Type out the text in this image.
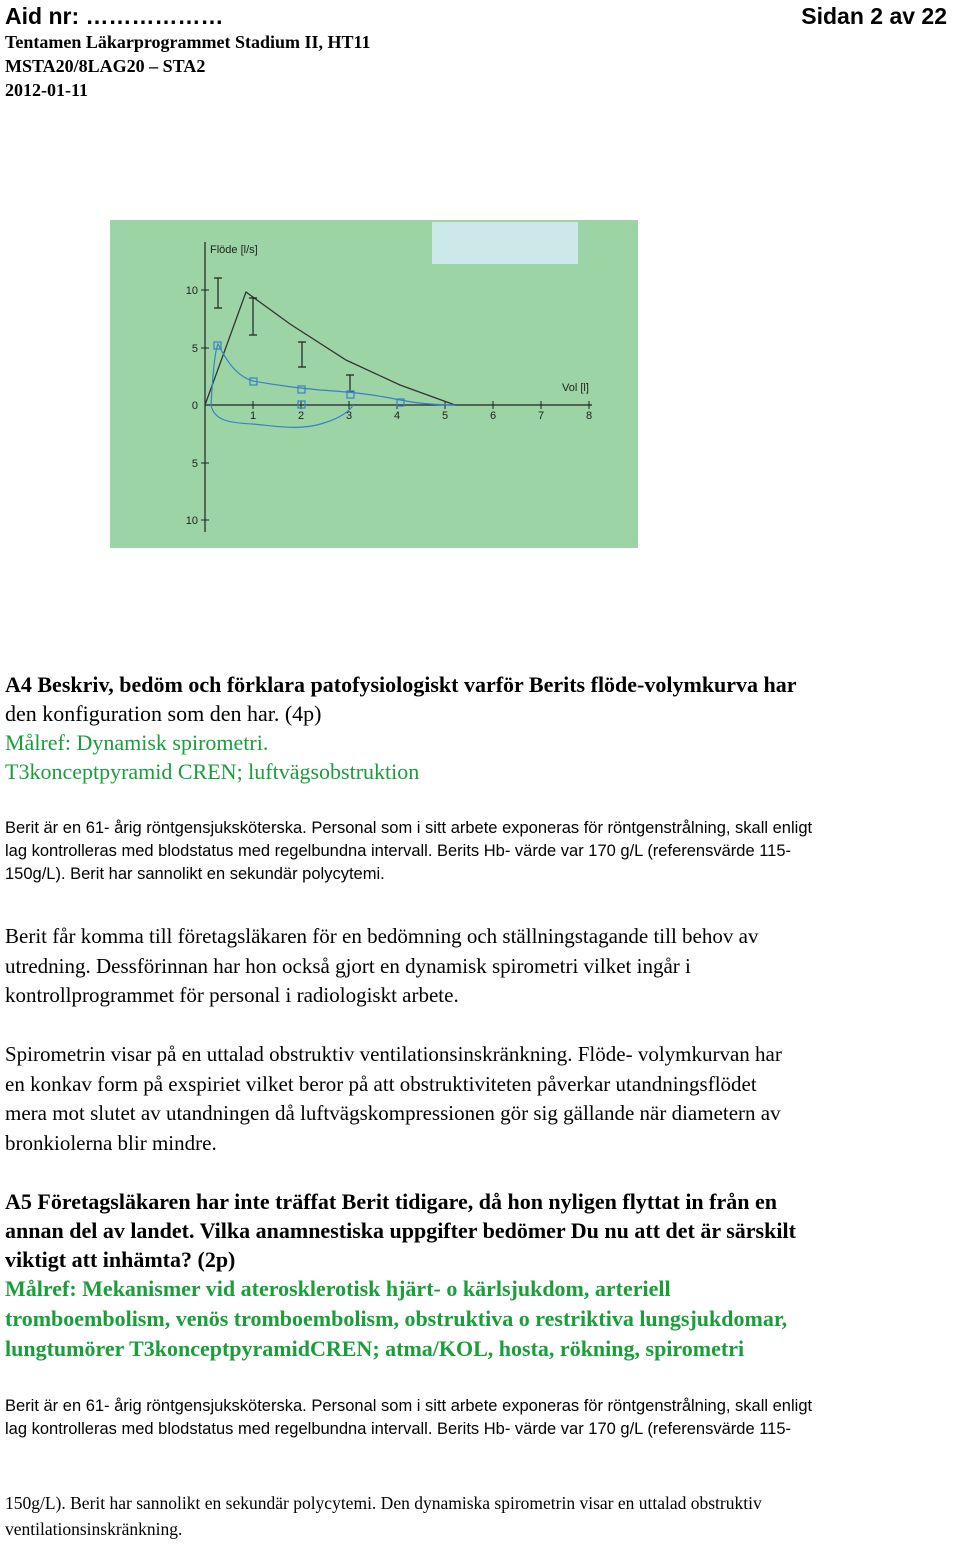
Aid nr: ………………	Sidan 2 av 22
Tentamen Läkarprogrammet Stadium II, HT11
MSTA20/8LAG20 – STA2
2012-01-11
Flöde [l/s]
Vol [l]
10
5
0
5
10
1	2	3	4	5	6	7	8
A4 Beskriv, bedöm och förklara patofysiologiskt varför Berits flöde-volymkurva har
den konfiguration som den har. (4p)
Målref: Dynamisk spirometri.
T3konceptpyramid CREN; luftvägsobstruktion
Berit är en 61- årig röntgensjuksköterska. Personal som i sitt arbete exponeras för röntgenstrålning, skall enligt
lag kontrolleras med blodstatus med regelbundna intervall. Berits Hb- värde var 170 g/L (referensvärde 115-
150g/L). Berit har sannolikt en sekundär polycytemi.
Berit får komma till företagsläkaren för en bedömning och ställningstagande till behov av
utredning. Dessförinnan har hon också gjort en dynamisk spirometri vilket ingår i
kontrollprogrammet för personal i radiologiskt arbete.
Spirometrin visar på en uttalad obstruktiv ventilationsinskränkning. Flöde- volymkurvan har
en konkav form på exspiriet vilket beror på att obstruktiviteten påverkar utandningsflödet
mera mot slutet av utandningen då luftvägskompressionen gör sig gällande när diametern av
bronkiolerna blir mindre.
A5 Företagsläkaren har inte träffat Berit tidigare, då hon nyligen flyttat in från en
annan del av landet. Vilka anamnestiska uppgifter bedömer Du nu att det är särskilt
viktigt att inhämta? (2p)
Målref: Mekanismer vid aterosklerotisk hjärt- o kärlsjukdom, arteriell
tromboembolism, venös tromboembolism, obstruktiva o restriktiva lungsjukdomar,
lungtumörer T3konceptpyramidCREN; atma/KOL, hosta, rökning, spirometri
Berit är en 61- årig röntgensjuksköterska. Personal som i sitt arbete exponeras för röntgenstrålning, skall enligt
lag kontrolleras med blodstatus med regelbundna intervall. Berits Hb- värde var 170 g/L (referensvärde 115-
150g/L). Berit har sannolikt en sekundär polycytemi. Den dynamiska spirometrin visar en uttalad obstruktiv
ventilationsinskränkning.
